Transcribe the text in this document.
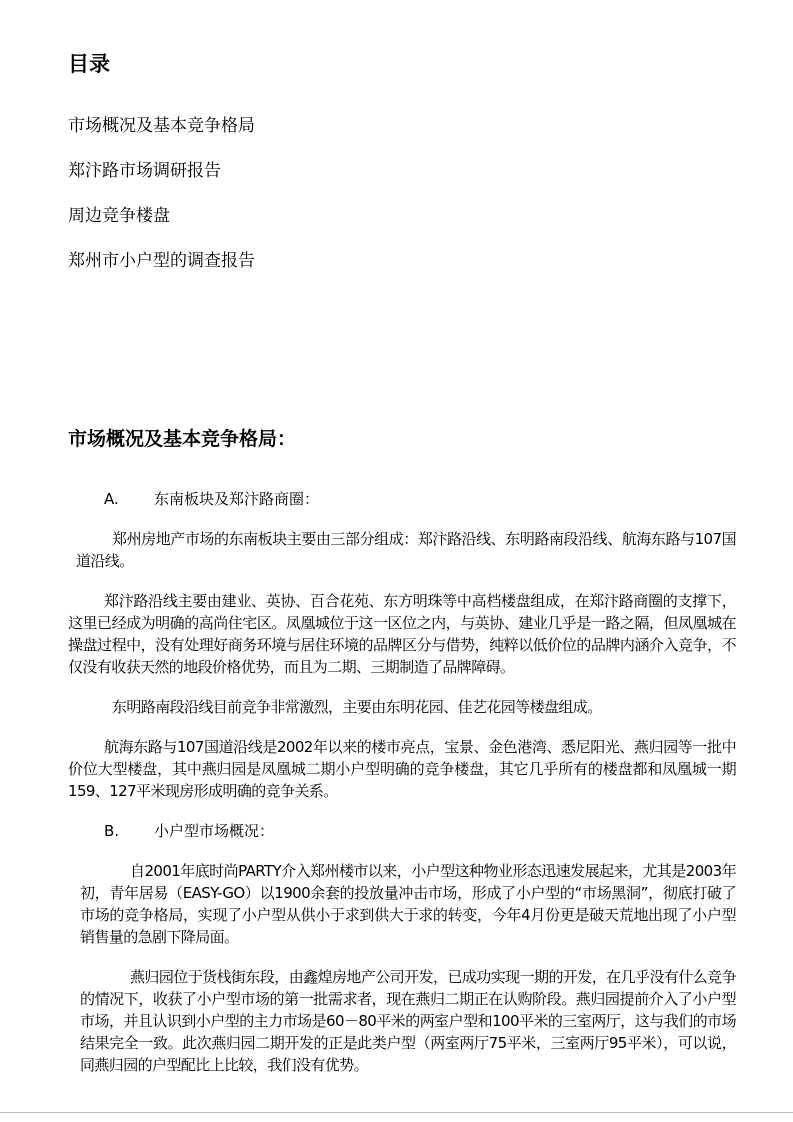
目录
市场概况及基本竞争格局
郑汴路市场调研报告
周边竞争楼盘
郑州市小户型的调查报告
市场概况及基本竞争格局：
A.	东南板块及郑汴路商圈：

郑州房地产市场的东南板块主要由三部分组成：郑汴路沿线、东明路南段沿线、航海东路与107国道沿线。

郑汴路沿线主要由建业、英协、百合花苑、东方明珠等中高档楼盘组成，在郑汴路商圈的支撑下，这里已经成为明确的高尚住宅区。凤凰城位于这一区位之内，与英协、建业几乎是一路之隔，但凤凰城在操盘过程中，没有处理好商务环境与居住环境的品牌区分与借势，纯粹以低价位的品牌内涵介入竞争，不仅没有收获天然的地段价格优势，而且为二期、三期制造了品牌障碍。

东明路南段沿线目前竞争非常激烈，主要由东明花园、佳艺花园等楼盘组成。

航海东路与107国道沿线是2002年以来的楼市亮点，宝景、金色港湾、悉尼阳光、燕归园等一批中价位大型楼盘，其中燕归园是凤凰城二期小户型明确的竞争楼盘，其它几乎所有的楼盘都和凤凰城一期159、127平米现房形成明确的竞争关系。

B.	小户型市场概况：

自2001年底时尚PARTY介入郑州楼市以来，小户型这种物业形态迅速发展起来，尤其是2003年初，青年居易（EASY-GO）以1900余套的投放量冲击市场，形成了小户型的“市场黑洞”，彻底打破了市场的竞争格局，实现了小户型从供小于求到供大于求的转变，今年4月份更是破天荒地出现了小户型销售量的急剧下降局面。

燕归园位于货栈街东段，由鑫煌房地产公司开发，已成功实现一期的开发，在几乎没有什么竞争的情况下，收获了小户型市场的第一批需求者，现在燕归二期正在认购阶段。燕归园提前介入了小户型市场，并且认识到小户型的主力市场是60－80平米的两室户型和100平米的三室两厅，这与我们的市场结果完全一致。此次燕归园二期开发的正是此类户型（两室两厅75平米，三室两厅95平米），可以说，同燕归园的户型配比上比较，我们没有优势。
